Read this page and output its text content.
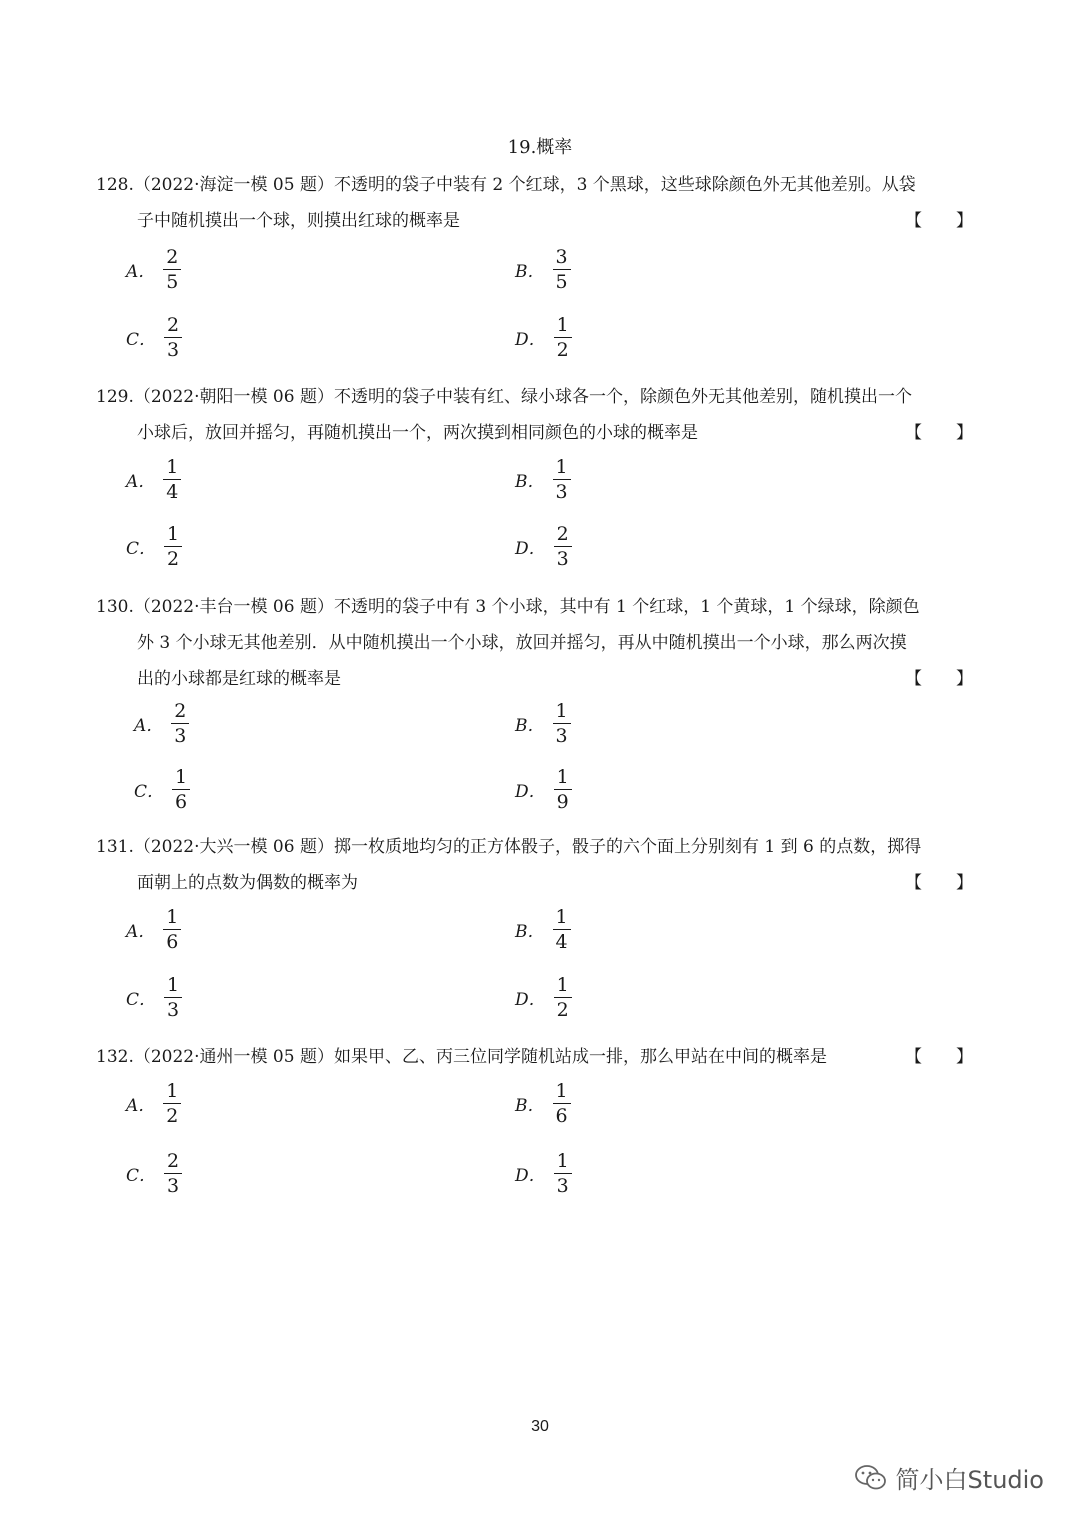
19.概率
128.（2022·海淀一模 05 题）不透明的袋子中装有 2 个红球，3 个黑球，这些球除颜色外无其他差别。从袋
子中随机摸出一个球，则摸出红球的概率是	【　　】
A． $\frac{2}{5}$	B． $\frac{3}{5}$
C． $\frac{2}{3}$	D． $\frac{1}{2}$
129.（2022·朝阳一模 06 题）不透明的袋子中装有红、绿小球各一个，除颜色外无其他差别，随机摸出一个
小球后，放回并摇匀，再随机摸出一个，两次摸到相同颜色的小球的概率是	【　　】
A． $\frac{1}{4}$	B． $\frac{1}{3}$
C． $\frac{1}{2}$	D． $\frac{2}{3}$
130.（2022·丰台一模 06 题）不透明的袋子中有 3 个小球，其中有 1 个红球，1 个黄球，1 个绿球，除颜色
外 3 个小球无其他差别．从中随机摸出一个小球，放回并摇匀，再从中随机摸出一个小球，那么两次摸
出的小球都是红球的概率是	【　　】
A． $\frac{2}{3}$	B． $\frac{1}{3}$
C． $\frac{1}{6}$	D． $\frac{1}{9}$
131.（2022·大兴一模 06 题）掷一枚质地均匀的正方体骰子，骰子的六个面上分别刻有 1 到 6 的点数，掷得
面朝上的点数为偶数的概率为	【　　】
A． $\frac{1}{6}$	B． $\frac{1}{4}$
C． $\frac{1}{3}$	D． $\frac{1}{2}$
132.（2022·通州一模 05 题）如果甲、乙、丙三位同学随机站成一排，那么甲站在中间的概率是	【　　】
A． $\frac{1}{2}$	B． $\frac{1}{6}$
C． $\frac{2}{3}$	D． $\frac{1}{3}$
30
简小白Studio
